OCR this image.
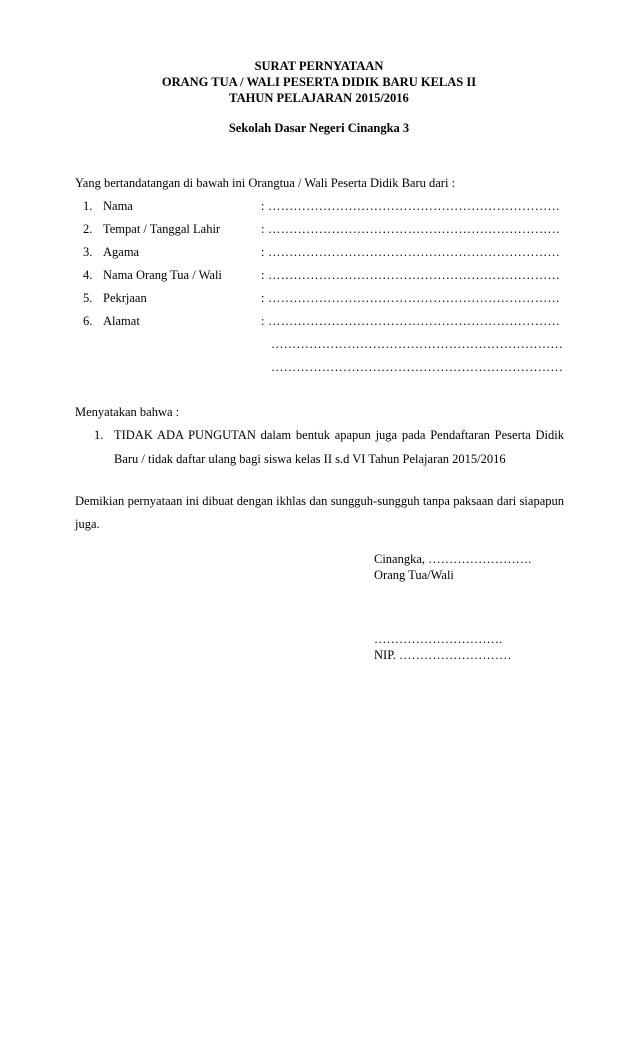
SURAT PERNYATAAN
ORANG TUA / WALI PESERTA DIDIK BARU KELAS II
TAHUN PELAJARAN 2015/2016
Sekolah Dasar Negeri Cinangka 3
Yang bertandatangan di bawah ini Orangtua / Wali Peserta Didik Baru dari :
1. Nama	: ……………………………………………………………
2. Tempat / Tanggal Lahir	: ……………………………………………………………
3. Agama	: ……………………………………………………………
4. Nama Orang Tua / Wali	: ……………………………………………………………
5. Pekrjaan	: ……………………………………………………………
6. Alamat	: ……………………………………………………………
……………………………………………………………
……………………………………………………………
Menyatakan bahwa :
1. TIDAK ADA PUNGUTAN dalam bentuk apapun juga pada Pendaftaran Peserta Didik
Baru / tidak daftar ulang bagi siswa kelas II s.d VI Tahun Pelajaran 2015/2016
Demikian pernyataan ini dibuat dengan ikhlas dan sungguh-sungguh tanpa paksaan dari siapapun
juga.
Cinangka, …………………….
Orang Tua/Wali
………………………….
NIP. ………………………
